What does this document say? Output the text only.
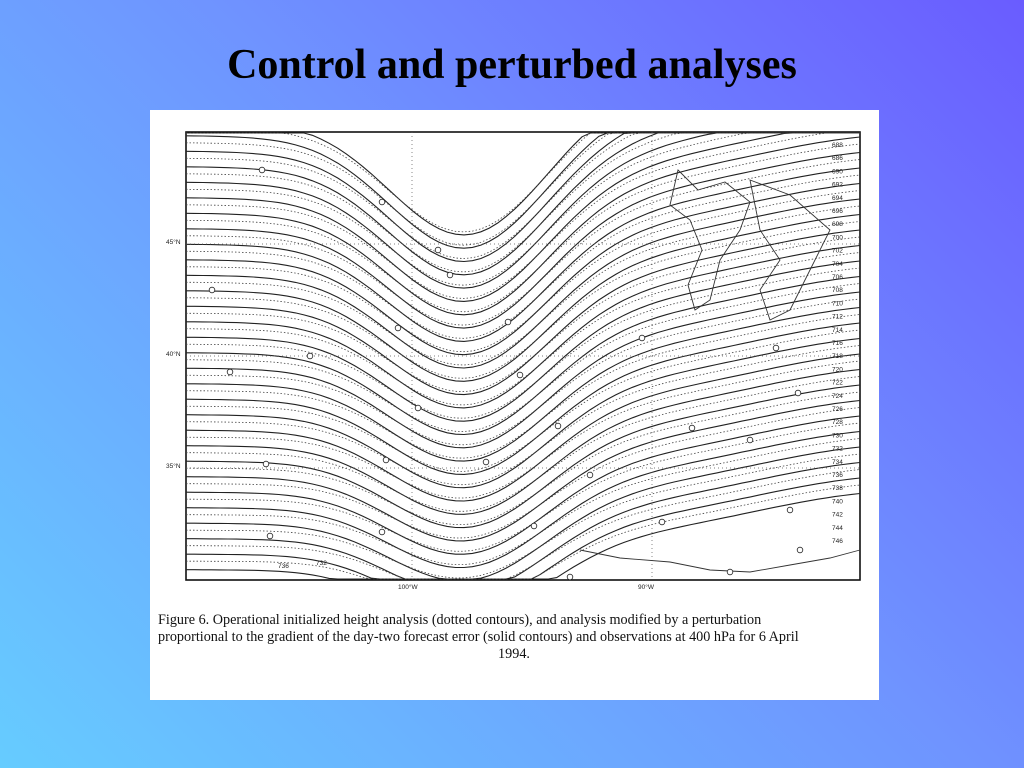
Control and perturbed analyses
45°N
40°N
35°N
100°W	90°W
688
686
690
692
694
696
698
700
702
704
706
708
710
712
714
716
718
720
722
724
726
728
730
732
734
736
738
740
742
744
746
736	732
Figure 6. Operational initialized height analysis (dotted contours), and analysis modified by a perturbation
proportional to the gradient of the day-two forecast error (solid contours) and observations at 400 hPa for 6 April
1994.
